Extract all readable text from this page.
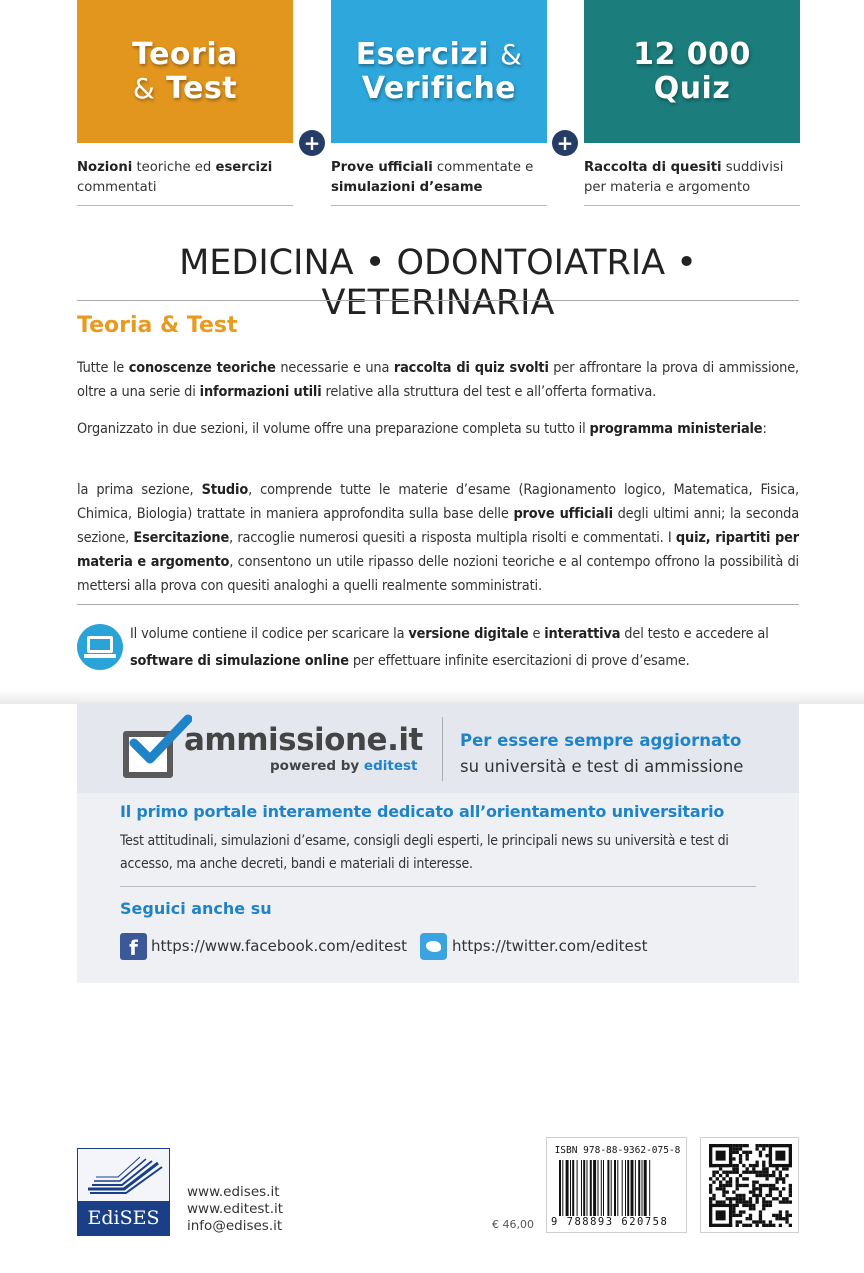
Teoria
& Test
Esercizi &
Verifiche
12 000
Quiz
+	+
Nozioni teoriche ed esercizi commentati
Prove ufficiali commentate e simulazioni d’esame
Raccolta di quesiti suddivisi per materia e argomento
MEDICINA • ODONTOIATRIA • VETERINARIA
Teoria & Test
Tutte le conoscenze teoriche necessarie e una raccolta di quiz svolti per affrontare la prova di ammissione, oltre a una serie di informazioni utili relative alla struttura del test e all’offerta formativa.
Organizzato in due sezioni, il volume offre una preparazione completa su tutto il programma ministeriale:
la prima sezione, Studio, comprende tutte le materie d’esame (Ragionamento logico, Matematica, Fisica, Chimica, Biologia) trattate in maniera approfondita sulla base delle prove ufficiali degli ultimi anni; la seconda sezione, Esercitazione, raccoglie numerosi quesiti a risposta multipla risolti e commentati. I quiz, ripartiti per materia e argomento, consentono un utile ripasso delle nozioni teoriche e al contempo offrono la possibilità di mettersi alla prova con quesiti analoghi a quelli realmente somministrati.
Il volume contiene il codice per scaricare la versione digitale e interattiva del testo e accedere al software di simulazione online per effettuare infinite esercitazioni di prove d’esame.
ammissione.it
powered by editest
Per essere sempre aggiornato
su università e test di ammissione
Il primo portale interamente dedicato all’orientamento universitario
Test attitudinali, simulazioni d’esame, consigli degli esperti, le principali news su università e test di accesso, ma anche decreti, bandi e materiali di interesse.
Seguici anche su
f https://www.facebook.com/editest	https://twitter.com/editest
EdiSES
www.edises.it
www.editest.it
info@edises.it	€ 46,00
ISBN 978-88-9362-075-8
9 788893 620758
